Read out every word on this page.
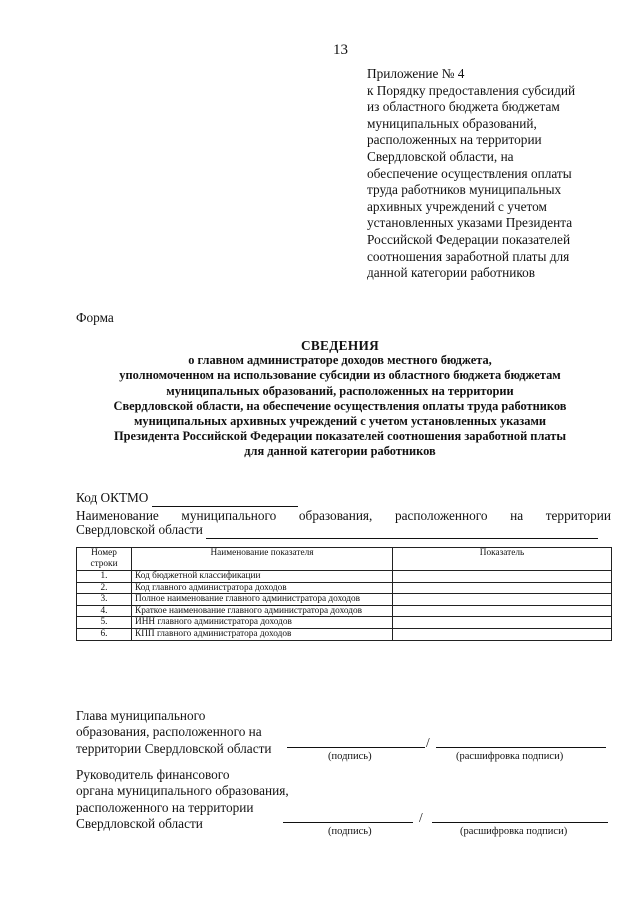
13
Приложение № 4
к Порядку предоставления субсидий
из областного бюджета бюджетам
муниципальных образований,
расположенных на территории
Свердловской области, на
обеспечение осуществления оплаты
труда работников муниципальных
архивных учреждений с учетом
установленных указами Президента
Российской Федерации показателей
соотношения заработной платы для
данной категории работников
Форма
СВЕДЕНИЯ
о главном администраторе доходов местного бюджета,
уполномоченном на использование субсидии из областного бюджета бюджетам
муниципальных образований, расположенных на территории
Свердловской области, на обеспечение осуществления оплаты труда работников
муниципальных архивных учреждений с учетом установленных указами
Президента Российской Федерации показателей соотношения заработной платы
для данной категории работников
Код ОКТМО
Наименование муниципального образования, расположенного на территории
Свердловской области
Номер строки	Наименование показателя	Показатель
1.	Код бюджетной классификации	
2.	Код главного администратора доходов	
3.	Полное наименование главного администратора доходов	
4.	Краткое наименование главного администратора доходов	
5.	ИНН главного администратора доходов	
6.	КПП главного администратора доходов	
Глава муниципального
образования, расположенного на
территории Свердловской области	/
(подпись)	(расшифровка подписи)
Руководитель финансового
органа муниципального образования,
расположенного на территории
Свердловской области	/
(подпись)	(расшифровка подписи)
